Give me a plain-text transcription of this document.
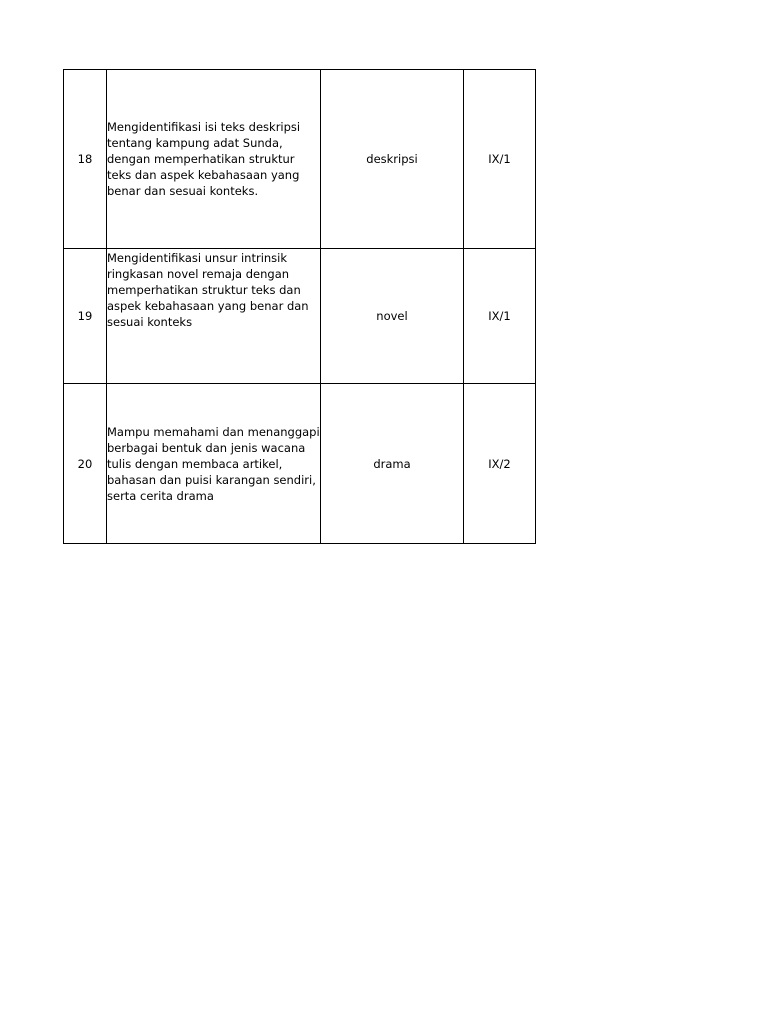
18	Mengidentifikasi isi teks deskripsi tentang kampung adat Sunda, dengan memperhatikan struktur teks dan aspek kebahasaan yang benar dan sesuai konteks.	deskripsi	IX/1
19	Mengidentifikasi unsur intrinsik ringkasan novel remaja dengan memperhatikan struktur teks dan aspek kebahasaan yang benar dan sesuai konteks	novel	IX/1
20	Mampu memahami dan menanggapi berbagai bentuk dan jenis wacana tulis dengan membaca artikel, bahasan dan puisi karangan sendiri, serta cerita drama	drama	IX/2
